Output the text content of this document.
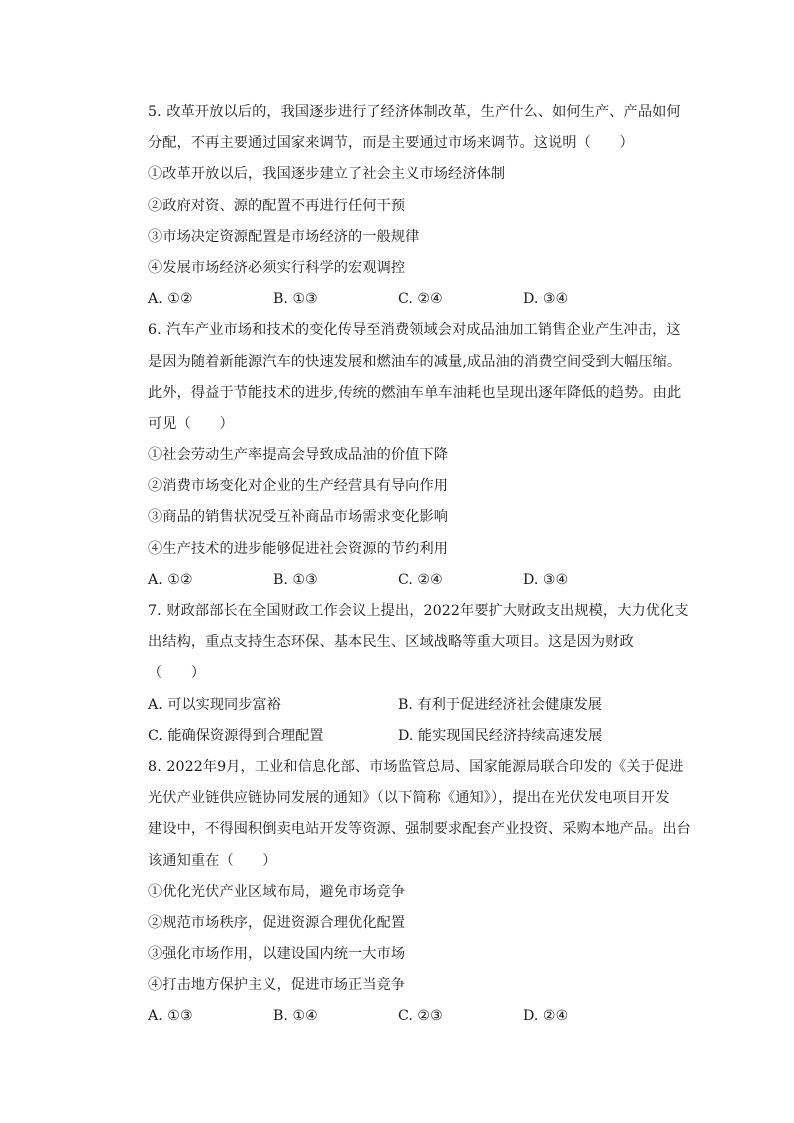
5. 改革开放以后的，我国逐步进行了经济体制改革，生产什么、如何生产、产品如何
分配，不再主要通过国家来调节，而是主要通过市场来调节。这说明（　　）
①改革开放以后，我国逐步建立了社会主义市场经济体制
②政府对资、源的配置不再进行任何干预
③市场决定资源配置是市场经济的一般规律
④发展市场经济必须实行科学的宏观调控
A. ①②	B. ①③	C. ②④	D. ③④
6. 汽车产业市场和技术的变化传导至消费领域会对成品油加工销售企业产生冲击，这
是因为随着新能源汽车的快速发展和燃油车的减量,成品油的消费空间受到大幅压缩。
此外，得益于节能技术的进步,传统的燃油车单车油耗也呈现出逐年降低的趋势。由此
可见（　　）
①社会劳动生产率提高会导致成品油的价值下降
②消费市场变化对企业的生产经营具有导向作用
③商品的销售状况受互补商品市场需求变化影响
④生产技术的进步能够促进社会资源的节约利用
A. ①②	B. ①③	C. ②④	D. ③④
7. 财政部部长在全国财政工作会议上提出，2022年要扩大财政支出规模，大力优化支
出结构，重点支持生态环保、基本民生、区域战略等重大项目。这是因为财政
（　　）
A. 可以实现同步富裕	B. 有利于促进经济社会健康发展
C. 能确保资源得到合理配置	D. 能实现国民经济持续高速发展
8. 2022年9月，工业和信息化部、市场监管总局、国家能源局联合印发的《关于促进
光伏产业链供应链协同发展的通知》（以下简称《通知》），提出在光伏发电项目开发
建设中，不得囤积倒卖电站开发等资源、强制要求配套产业投资、采购本地产品。出台
该通知重在（　　）
①优化光伏产业区域布局，避免市场竞争
②规范市场秩序，促进资源合理优化配置
③强化市场作用，以建设国内统一大市场
④打击地方保护主义，促进市场正当竞争
A. ①③	B. ①④	C. ②③	D. ②④
